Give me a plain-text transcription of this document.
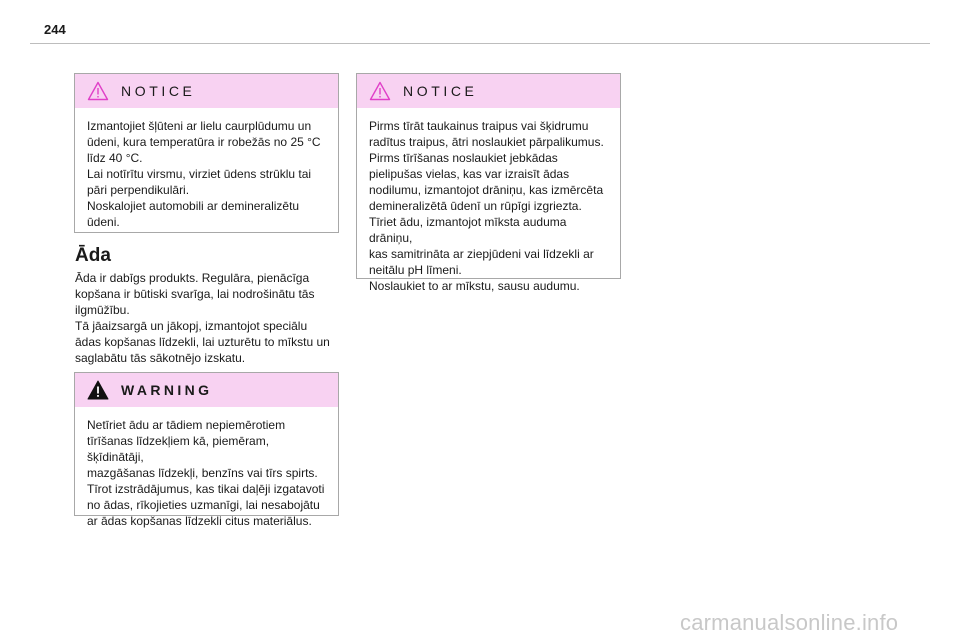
244
NOTICE

Izmantojiet šļūteni ar lielu caurplūdumu un

ūdeni, kura temperatūra ir robežās no 25 °C

līdz 40 °C.

Lai notīrītu virsmu, virziet ūdens strūklu tai

pāri perpendikulāri.

Noskalojiet automobili ar demineralizētu

ūdeni.

Āda

Āda ir dabīgs produkts. Regulāra, pienācīga

kopšana ir būtiski svarīga, lai nodrošinātu tās

ilgmūžību.

Tā jāaizsargā un jākopj, izmantojot speciālu

ādas kopšanas līdzekli, lai uzturētu to mīkstu un

saglabātu tās sākotnējo izskatu.

WARNING

Netīriet ādu ar tādiem nepiemērotiem

tīrīšanas līdzekļiem kā, piemēram, šķīdinātāji,

mazgāšanas līdzekļi, benzīns vai tīrs spirts.

Tīrot izstrādājumus, kas tikai daļēji izgatavoti

no ādas, rīkojieties uzmanīgi, lai nesabojātu

ar ādas kopšanas līdzekli citus materiālus.

NOTICE

Pirms tīrāt taukainus traipus vai šķidrumu

radītus traipus, ātri noslaukiet pārpalikumus.

Pirms tīrīšanas noslaukiet jebkādas

pielipušas vielas, kas var izraisīt ādas

nodilumu, izmantojot drāniņu, kas izmērcēta

demineralizētā ūdenī un rūpīgi izgriezta.

Tīriet ādu, izmantojot mīksta auduma drāniņu,

kas samitrināta ar ziepjūdeni vai līdzekli ar

neitālu pH līmeni.

Noslaukiet to ar mīkstu, sausu audumu.

carmanualsonline.info
